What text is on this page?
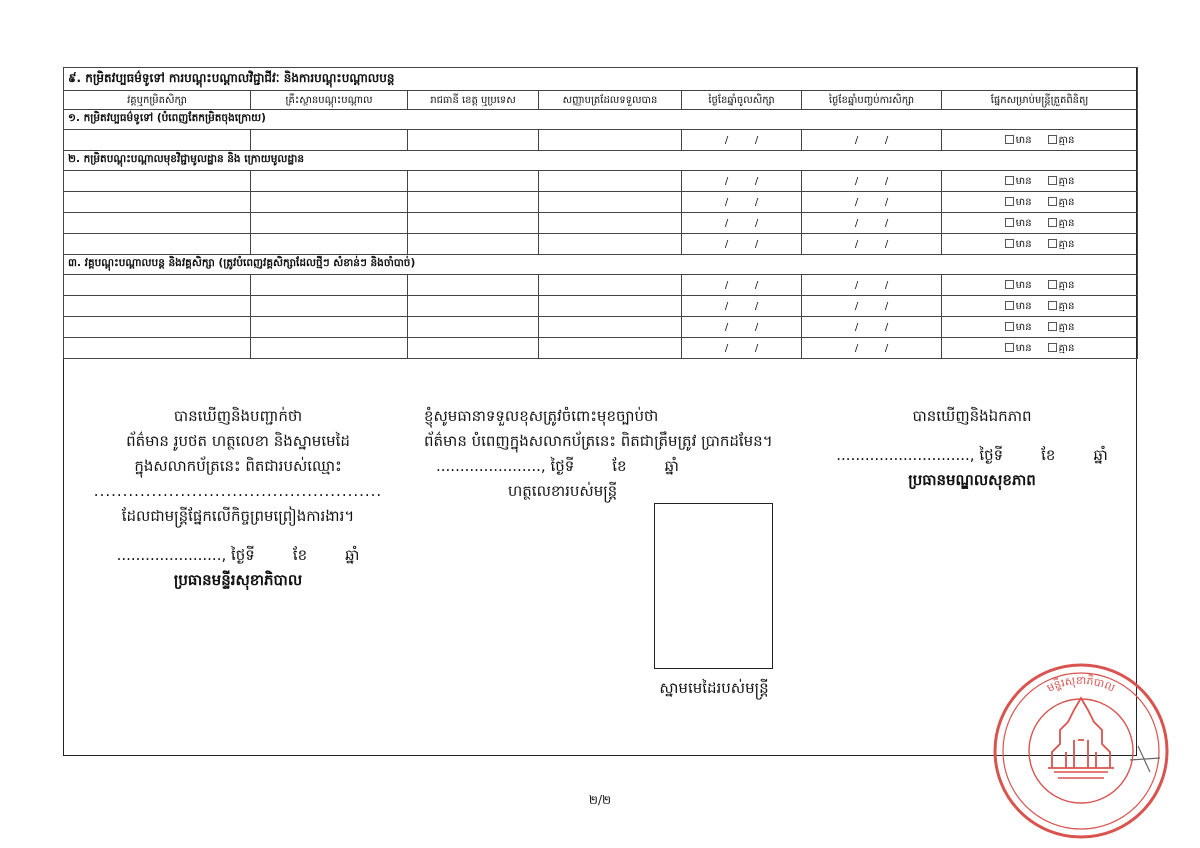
៩. កម្រិតវប្បធម៌ទូទៅ ការបណ្តុះបណ្តាលវិជ្ជាជីវៈ និងការបណ្តុះបណ្តាលបន្ត						
វគ្គឬកម្រិតសិក្សា	គ្រឹះស្ថានបណ្តុះបណ្តាល	រាជធានី ខេត្ត ឬប្រទេស	សញ្ញាបត្រដែលទទួលបាន	ថ្ងៃខែឆ្នាំចូលសិក្សា	ថ្ងៃខែឆ្នាំបញ្ចប់ការសិក្សា	ផ្នែកសម្រាប់មន្ត្រីត្រួតពិនិត្យ
១. កម្រិតវប្បធម៌ទូទៅ (បំពេញតែកម្រិតចុងក្រោយ)						
				/ /	/ /	មាន គ្មាន
២. កម្រិតបណ្តុះបណ្តាលមុខវិជ្ជាមូលដ្ឋាន និង ក្រោយមូលដ្ឋាន						
				/ /	/ /	មាន គ្មាន
				/ /	/ /	មាន គ្មាន
				/ /	/ /	មាន គ្មាន
				/ /	/ /	មាន គ្មាន
៣. វគ្គបណ្តុះបណ្តាលបន្ត និងវគ្គសិក្សា (ត្រូវបំពេញវគ្គសិក្សាដែលថ្មីៗ សំខាន់ៗ និងចាំបាច់)						
				/ /	/ /	មាន គ្មាន
				/ /	/ /	មាន គ្មាន
				/ /	/ /	មាន គ្មាន
				/ /	/ /	មាន គ្មាន
បានឃើញនិងបញ្ជាក់ថា
ព័ត៌មាន រូបថត ហត្ថលេខា និងស្នាមមេដៃ
ក្នុងសលាកប័ត្រនេះ ពិតជារបស់ឈ្មោះ
..................................................
ដែលជាមន្ត្រីផ្នែកលើកិច្ចព្រមព្រៀងការងារ។
......................, ថ្ងៃទី	ខែ	ឆ្នាំ
ប្រធានមន្ទីរសុខាភិបាល
ខ្ញុំសូមធានាទទួលខុសត្រូវចំពោះមុខច្បាប់ថា
ព័ត៌មាន បំពេញក្នុងសលាកប័ត្រនេះ ពិតជាត្រឹមត្រូវ ប្រាកដមែន។
......................, ថ្ងៃទី	ខែ	ឆ្នាំ
ហត្ថលេខារបស់មន្ត្រី
ស្នាមមេដៃរបស់មន្ត្រី
បានឃើញនិងឯកភាព
............................, ថ្ងៃទី	ខែ	ឆ្នាំ
ប្រធានមណ្ឌលសុខភាព
២/២
មន្ទីរសុខាភិបាល
